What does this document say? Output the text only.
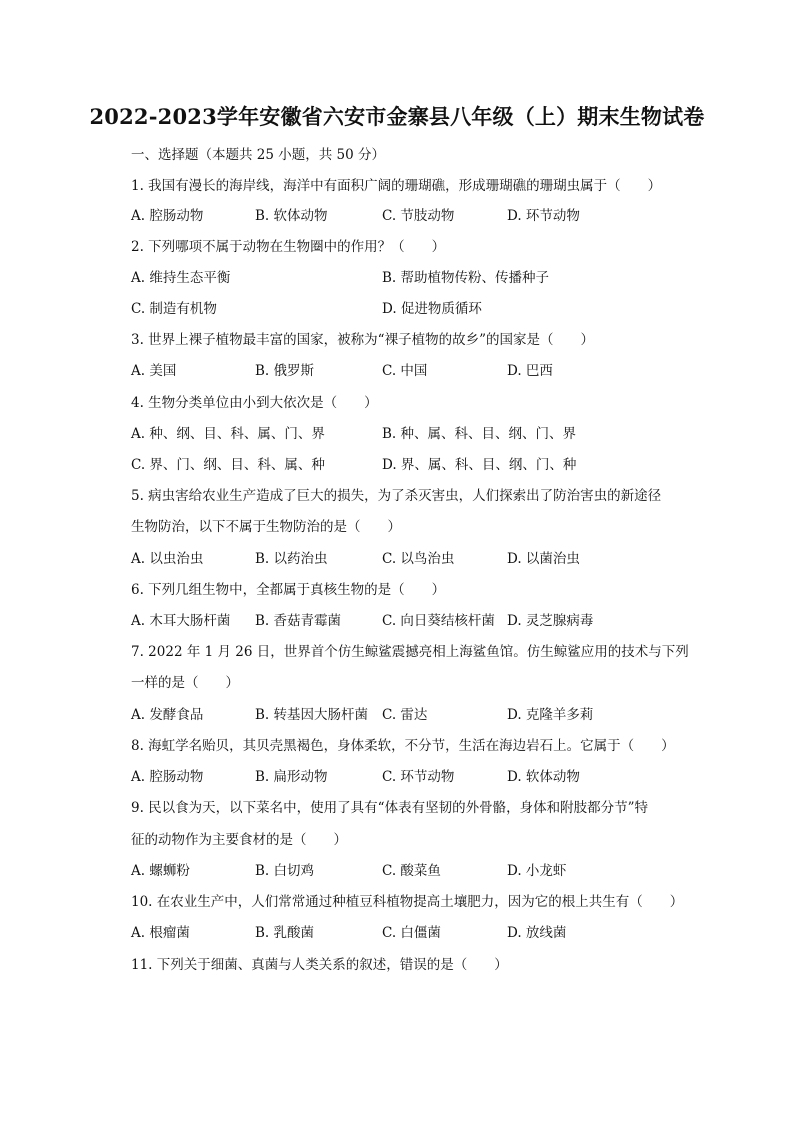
2022-2023学年安徽省六安市金寨县八年级（上）期末生物试卷
一、选择题（本题共 25 小题，共 50 分）
1. 我国有漫长的海岸线，海洋中有面积广阔的珊瑚礁，形成珊瑚礁的珊瑚虫属于（　　）
A. 腔肠动物	B. 软体动物	C. 节肢动物	D. 环节动物
2. 下列哪项不属于动物在生物圈中的作用？（　　）
A. 维持生态平衡	B. 帮助植物传粉、传播种子
C. 制造有机物	D. 促进物质循环
3. 世界上裸子植物最丰富的国家，被称为“裸子植物的故乡”的国家是（　　）
A. 美国	B. 俄罗斯	C. 中国	D. 巴西
4. 生物分类单位由小到大依次是（　　）
A. 种、纲、目、科、属、门、界	B. 种、属、科、目、纲、门、界
C. 界、门、纲、目、科、属、种	D. 界、属、科、目、纲、门、种
5. 病虫害给农业生产造成了巨大的损失，为了杀灭害虫，人们探索出了防治害虫的新途径
生物防治，以下不属于生物防治的是（　　）
A. 以虫治虫	B. 以药治虫	C. 以鸟治虫	D. 以菌治虫
6. 下列几组生物中，全都属于真核生物的是（　　）
A. 木耳大肠杆菌 B. 香菇青霉菌	C. 向日葵结核杆菌 D. 灵芝腺病毒
7. 2022 年 1 月 26 日，世界首个仿生鲸鲨震撼亮相上海鲨鱼馆。仿生鲸鲨应用的技术与下列
一样的是（　　）
A. 发酵食品	B. 转基因大肠杆菌 C. 雷达	D. 克隆羊多莉
8. 海虹学名贻贝，其贝壳黑褐色，身体柔软，不分节，生活在海边岩石上。它属于（　　）
A. 腔肠动物	B. 扁形动物	C. 环节动物	D. 软体动物
9. 民以食为天，以下菜名中，使用了具有“体表有坚韧的外骨骼，身体和附肢都分节”特
征的动物作为主要食材的是（　　）
A. 螺蛳粉	B. 白切鸡	C. 酸菜鱼	D. 小龙虾
10. 在农业生产中，人们常常通过种植豆科植物提高土壤肥力，因为它的根上共生有（　　）
A. 根瘤菌	B. 乳酸菌	C. 白僵菌	D. 放线菌
11. 下列关于细菌、真菌与人类关系的叙述，错误的是（　　）
